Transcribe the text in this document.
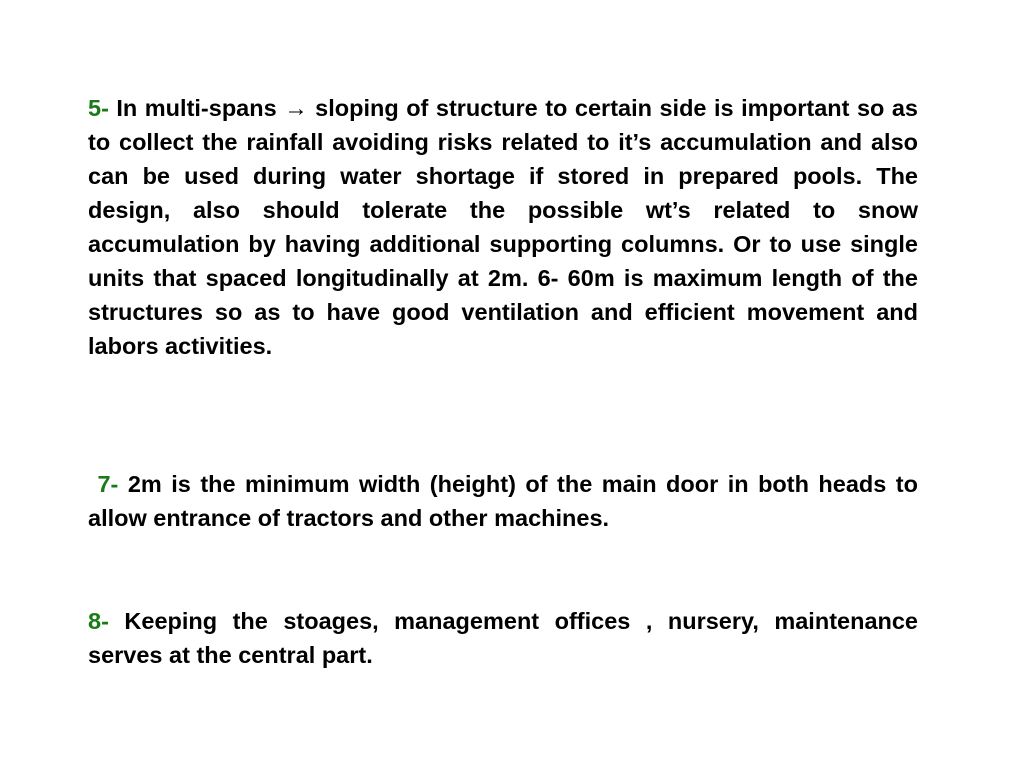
5- In multi-spans → sloping of structure to certain side is important so as to collect the rainfall avoiding risks related to it’s accumulation and also can be used during water shortage if stored in prepared pools. The design, also should tolerate the possible wt’s related to snow accumulation by having additional supporting columns. Or to use single units that spaced longitudinally at 2m. 6- 60m is maximum length of the structures so as to have good ventilation and efficient movement and labors activities.

7- 2m is the minimum width (height) of the main door in both heads to allow entrance of tractors and other machines.

8- Keeping the stoages, management offices , nursery, maintenance serves at the central part.
